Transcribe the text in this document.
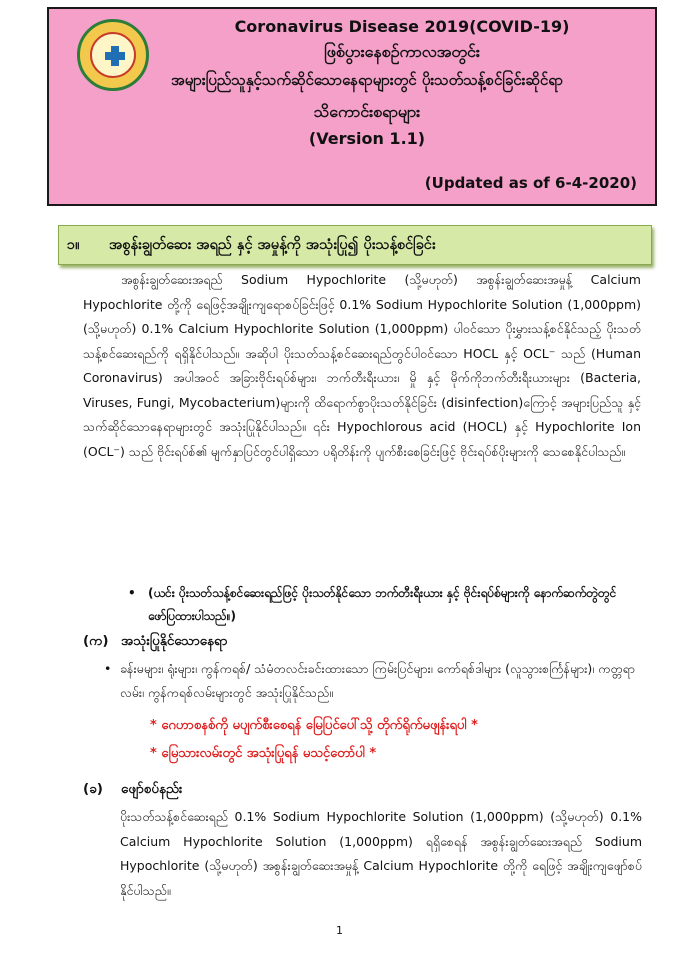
Coronavirus Disease 2019(COVID-19)
ဖြစ်ပွားနေစဉ်ကာလအတွင်း
အများပြည်သူနှင့်သက်ဆိုင်သောနေရာများတွင် ပိုးသတ်သန့်စင်ခြင်းဆိုင်ရာ
သိကောင်းစရာများ
(Version 1.1)
(Updated as of 6-4-2020)
၁။ အစွန်းချွတ်ဆေး အရည် နှင့် အမှုန့်ကို အသုံးပြု၍ ပိုးသန့်စင်ခြင်း
အစွန်းချွတ်ဆေးအရည် Sodium Hypochlorite (သို့မဟုတ်) အစွန်းချွတ်ဆေးအမှုန့် Calcium Hypochlorite တို့ကို ရေဖြင့်အချိုးကျရောစပ်ခြင်းဖြင့် 0.1% Sodium Hypochlorite Solution (1,000ppm) (သို့မဟုတ်) 0.1% Calcium Hypochlorite Solution (1,000ppm) ပါဝင်သော ပိုးမွှားသန့်စင်နိုင်သည့် ပိုးသတ်သန့်စင်ဆေးရည်ကို ရရှိနိုင်ပါသည်။ အဆိုပါ ပိုးသတ်သန့်စင်ဆေးရည်တွင်ပါဝင်သော HOCL နှင့် OCL⁻ သည် (Human Coronavirus) အပါအဝင် အခြားဗိုင်းရပ်စ်များ၊ ဘက်တီးရီးယား၊ မှို နှင့် မိုက်ကိုဘက်တီးရီးယားများ (Bacteria, Viruses, Fungi, Mycobacterium)များကို ထိရောက်စွာပိုးသတ်နိုင်ခြင်း (disinfection)ကြောင့် အများပြည်သူ နှင့် သက်ဆိုင်သောနေရာများတွင် အသုံးပြုနိုင်ပါသည်။ ၎င်း Hypochlorous acid (HOCL) နှင့် Hypochlorite Ion (OCL⁻) သည် ဗိုင်းရပ်စ်၏ မျက်နှာပြင်တွင်ပါရှိသော ပရိုတိန်းကို ပျက်စီးစေခြင်းဖြင့် ဗိုင်းရပ်စ်ပိုးများကို သေစေနိုင်ပါသည်။
• (ယင်း ပိုးသတ်သန့်စင်ဆေးရည်ဖြင့် ပိုးသတ်နိုင်သော ဘက်တီးရီးယား နှင့် ဗိုင်းရပ်စ်များကို နောက်ဆက်တွဲတွင် ဖော်ပြထားပါသည်။)
(က) အသုံးပြုနိုင်သောနေရာ
• ခန်းမများ၊ ရုံးများ၊ ကွန်ကရစ်/ သံမံတလင်းခင်းထားသော ကြမ်းပြင်များ၊ ကော်ရစ်ဒါများ (လူသွားစင်္ကြန်များ)၊ ကတ္တရာလမ်း၊ ကွန်ကရစ်လမ်းများတွင် အသုံးပြုနိုင်သည်။
* ဂေဟာစနစ်ကို မပျက်စီးစေရန် မြေပြင်ပေါ်သို့ တိုက်ရိုက်မဖျန်းရပါ *
* မြေသားလမ်းတွင် အသုံးပြုရန် မသင့်တော်ပါ *
(ခ) ဖျော်စပ်နည်း
ပိုးသတ်သန့်စင်ဆေးရည် 0.1% Sodium Hypochlorite Solution (1,000ppm) (သို့မဟုတ်) 0.1% Calcium Hypochlorite Solution (1,000ppm) ရရှိစေရန် အစွန်းချွတ်ဆေးအရည် Sodium Hypochlorite (သို့မဟုတ်) အစွန်းချွတ်ဆေးအမှုန့် Calcium Hypochlorite တို့ကို ရေဖြင့် အချိုးကျဖျော်စပ်နိုင်ပါသည်။
1
